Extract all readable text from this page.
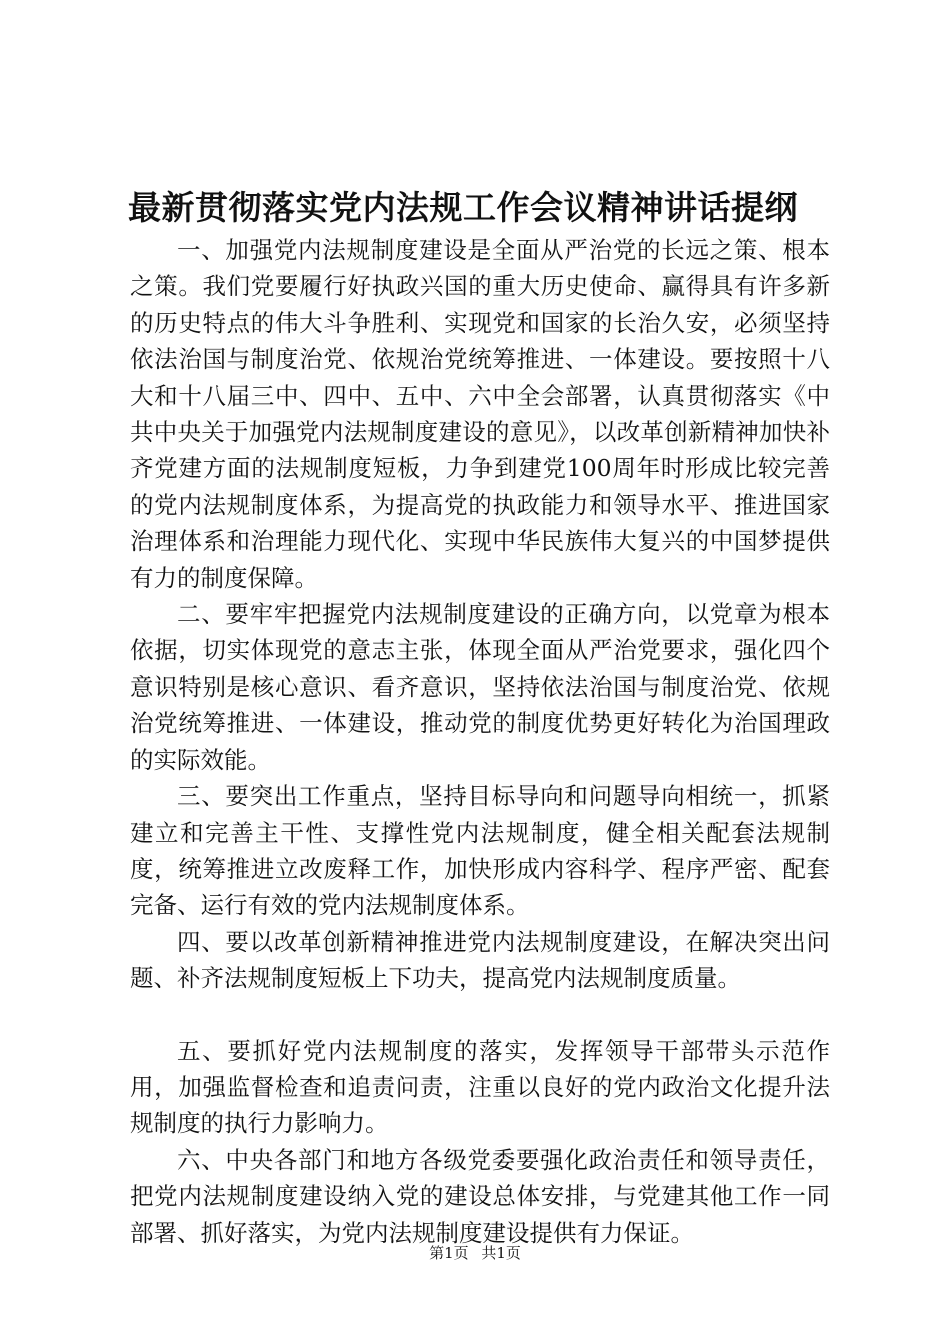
最新贯彻落实党内法规工作会议精神讲话提纲

一、加强党内法规制度建设是全面从严治党的长远之策、根本之策。我们党要履行好执政兴国的重大历史使命、赢得具有许多新的历史特点的伟大斗争胜利、实现党和国家的长治久安，必须坚持依法治国与制度治党、依规治党统筹推进、一体建设。要按照十八大和十八届三中、四中、五中、六中全会部署，认真贯彻落实《中共中央关于加强党内法规制度建设的意见》，以改革创新精神加快补齐党建方面的法规制度短板，力争到建党100周年时形成比较完善的党内法规制度体系，为提高党的执政能力和领导水平、推进国家治理体系和治理能力现代化、实现中华民族伟大复兴的中国梦提供有力的制度保障。

二、要牢牢把握党内法规制度建设的正确方向，以党章为根本依据，切实体现党的意志主张，体现全面从严治党要求，强化四个意识特别是核心意识、看齐意识，坚持依法治国与制度治党、依规治党统筹推进、一体建设，推动党的制度优势更好转化为治国理政的实际效能。

三、要突出工作重点，坚持目标导向和问题导向相统一，抓紧建立和完善主干性、支撑性党内法规制度，健全相关配套法规制度，统筹推进立改废释工作，加快形成内容科学、程序严密、配套完备、运行有效的党内法规制度体系。

四、要以改革创新精神推进党内法规制度建设，在解决突出问题、补齐法规制度短板上下功夫，提高党内法规制度质量。

五、要抓好党内法规制度的落实，发挥领导干部带头示范作用，加强监督检查和追责问责，注重以良好的党内政治文化提升法规制度的执行力影响力。

六、中央各部门和地方各级党委要强化政治责任和领导责任，把党内法规制度建设纳入党的建设总体安排，与党建其他工作一同部署、抓好落实，为党内法规制度建设提供有力保证。

第1页 共1页
